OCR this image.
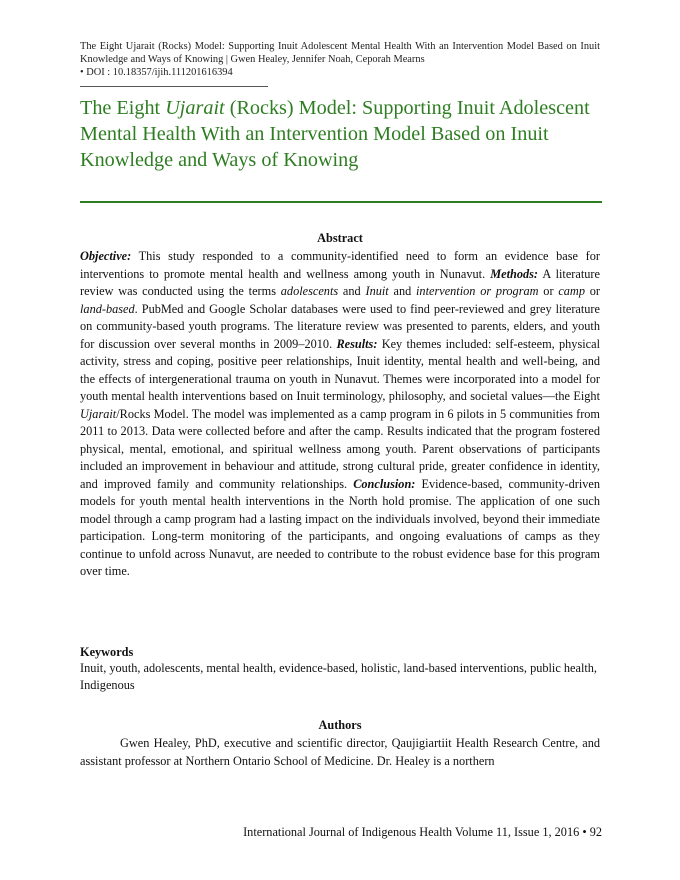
The Eight Ujarait (Rocks) Model: Supporting Inuit Adolescent Mental Health With an Intervention Model Based on Inuit Knowledge and Ways of Knowing | Gwen Healey, Jennifer Noah, Ceporah Mearns
• DOI : 10.18357/ijih.111201616394
The Eight Ujarait (Rocks) Model: Supporting Inuit Adolescent Mental Health With an Intervention Model Based on Inuit Knowledge and Ways of Knowing
Abstract

Objective: This study responded to a community-identified need to form an evidence base for interventions to promote mental health and wellness among youth in Nunavut. Methods: A literature review was conducted using the terms adolescents and Inuit and intervention or program or camp or land-based. PubMed and Google Scholar databases were used to find peer-reviewed and grey literature on community-based youth programs. The literature review was presented to parents, elders, and youth for discussion over several months in 2009–2010. Results: Key themes included: self-esteem, physical activity, stress and coping, positive peer relationships, Inuit identity, mental health and well-being, and the effects of intergenerational trauma on youth in Nunavut. Themes were incorporated into a model for youth mental health interventions based on Inuit terminology, philosophy, and societal values—the Eight Ujarait/Rocks Model. The model was implemented as a camp program in 6 pilots in 5 communities from 2011 to 2013. Data were collected before and after the camp. Results indicated that the program fostered physical, mental, emotional, and spiritual wellness among youth. Parent observations of participants included an improvement in behaviour and attitude, strong cultural pride, greater confidence in identity, and improved family and community relationships. Conclusion: Evidence-based, community-driven models for youth mental health interventions in the North hold promise. The application of one such model through a camp program had a lasting impact on the individuals involved, beyond their immediate participation. Long-term monitoring of the participants, and ongoing evaluations of camps as they continue to unfold across Nunavut, are needed to contribute to the robust evidence base for this program over time.

Keywords

Inuit, youth, adolescents, mental health, evidence-based, holistic, land-based interventions, public health, Indigenous

Authors

Gwen Healey, PhD, executive and scientific director, Qaujigiartiit Health Research Centre, and assistant professor at Northern Ontario School of Medicine. Dr. Healey is a northern

International Journal of Indigenous Health Volume 11, Issue 1, 2016 • 92
